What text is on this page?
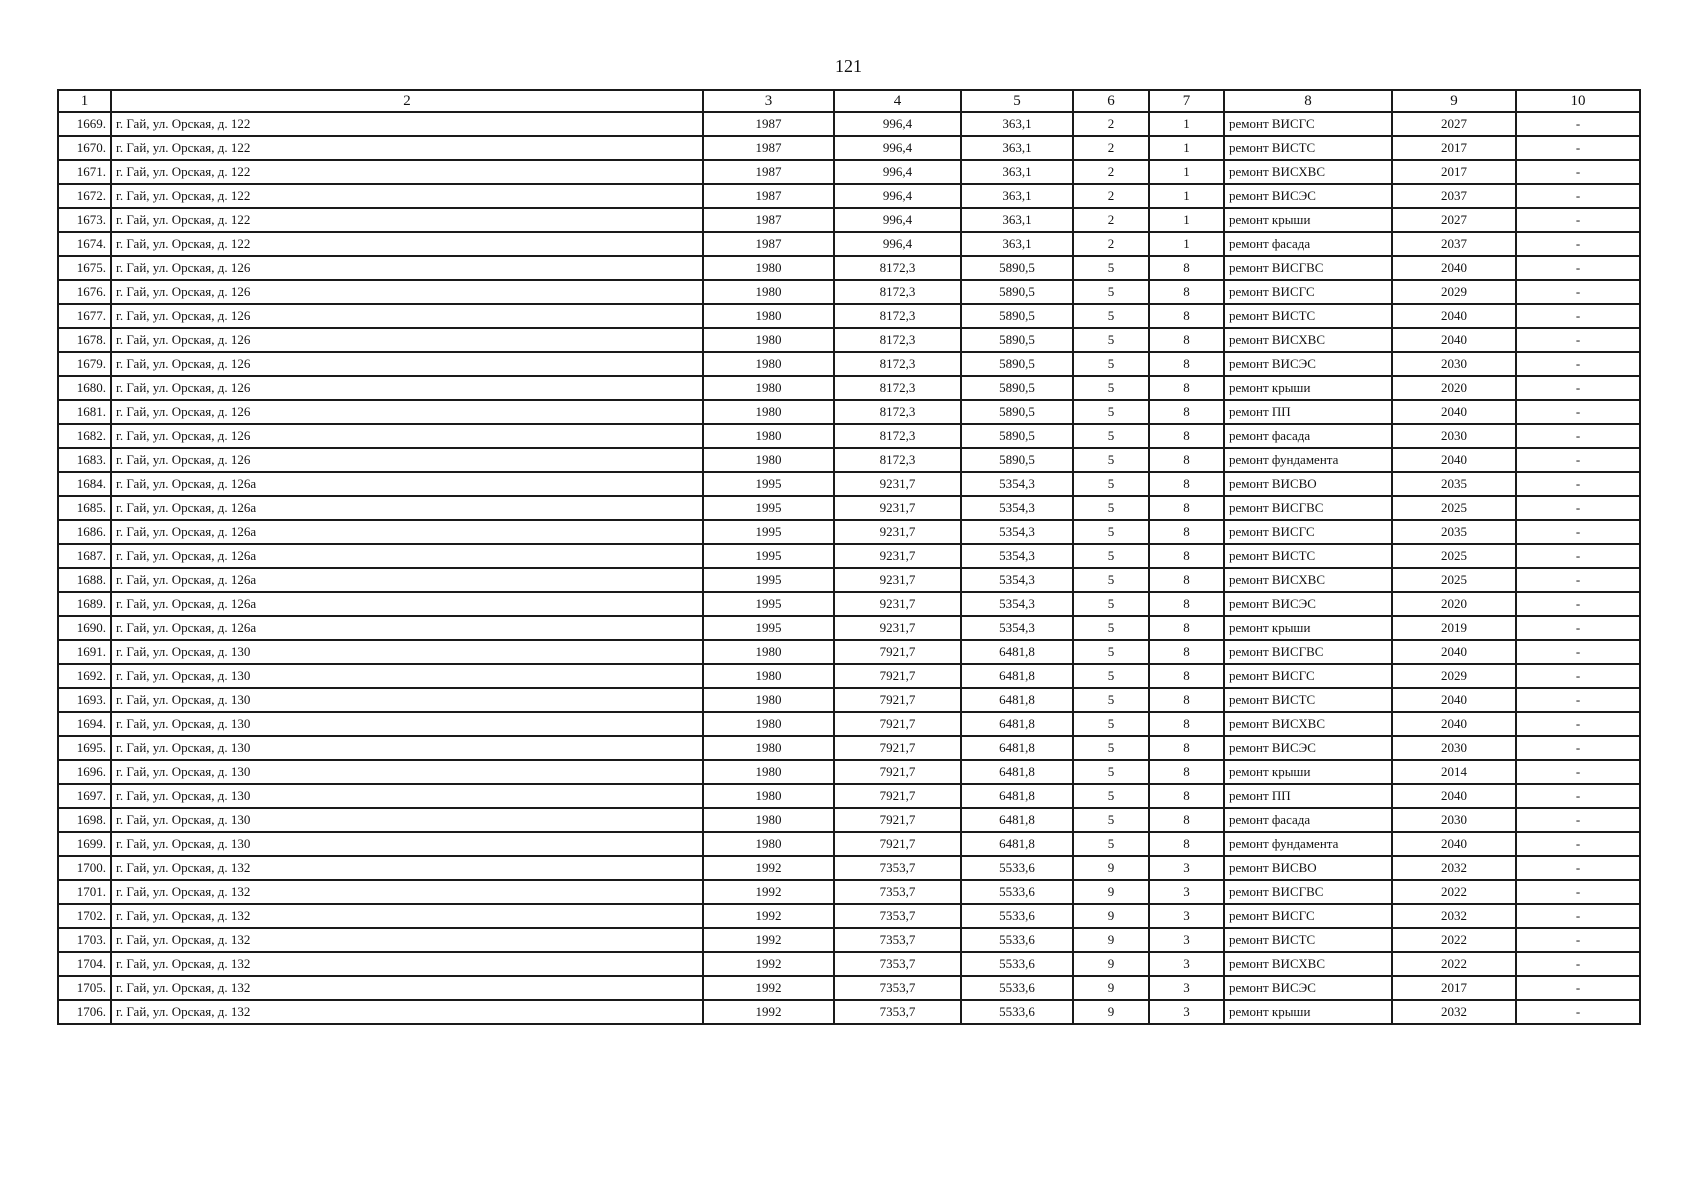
121
1	2	3	4	5	6	7	8	9	10
1669.	г. Гай, ул. Орская, д. 122	1987	996,4	363,1	2	1	ремонт ВИСГС	2027	-
1670.	г. Гай, ул. Орская, д. 122	1987	996,4	363,1	2	1	ремонт ВИСТС	2017	-
1671.	г. Гай, ул. Орская, д. 122	1987	996,4	363,1	2	1	ремонт ВИСХВС	2017	-
1672.	г. Гай, ул. Орская, д. 122	1987	996,4	363,1	2	1	ремонт ВИСЭС	2037	-
1673.	г. Гай, ул. Орская, д. 122	1987	996,4	363,1	2	1	ремонт крыши	2027	-
1674.	г. Гай, ул. Орская, д. 122	1987	996,4	363,1	2	1	ремонт фасада	2037	-
1675.	г. Гай, ул. Орская, д. 126	1980	8172,3	5890,5	5	8	ремонт ВИСГВС	2040	-
1676.	г. Гай, ул. Орская, д. 126	1980	8172,3	5890,5	5	8	ремонт ВИСГС	2029	-
1677.	г. Гай, ул. Орская, д. 126	1980	8172,3	5890,5	5	8	ремонт ВИСТС	2040	-
1678.	г. Гай, ул. Орская, д. 126	1980	8172,3	5890,5	5	8	ремонт ВИСХВС	2040	-
1679.	г. Гай, ул. Орская, д. 126	1980	8172,3	5890,5	5	8	ремонт ВИСЭС	2030	-
1680.	г. Гай, ул. Орская, д. 126	1980	8172,3	5890,5	5	8	ремонт крыши	2020	-
1681.	г. Гай, ул. Орская, д. 126	1980	8172,3	5890,5	5	8	ремонт ПП	2040	-
1682.	г. Гай, ул. Орская, д. 126	1980	8172,3	5890,5	5	8	ремонт фасада	2030	-
1683.	г. Гай, ул. Орская, д. 126	1980	8172,3	5890,5	5	8	ремонт фундамента	2040	-
1684.	г. Гай, ул. Орская, д. 126а	1995	9231,7	5354,3	5	8	ремонт ВИСВО	2035	-
1685.	г. Гай, ул. Орская, д. 126а	1995	9231,7	5354,3	5	8	ремонт ВИСГВС	2025	-
1686.	г. Гай, ул. Орская, д. 126а	1995	9231,7	5354,3	5	8	ремонт ВИСГС	2035	-
1687.	г. Гай, ул. Орская, д. 126а	1995	9231,7	5354,3	5	8	ремонт ВИСТС	2025	-
1688.	г. Гай, ул. Орская, д. 126а	1995	9231,7	5354,3	5	8	ремонт ВИСХВС	2025	-
1689.	г. Гай, ул. Орская, д. 126а	1995	9231,7	5354,3	5	8	ремонт ВИСЭС	2020	-
1690.	г. Гай, ул. Орская, д. 126а	1995	9231,7	5354,3	5	8	ремонт крыши	2019	-
1691.	г. Гай, ул. Орская, д. 130	1980	7921,7	6481,8	5	8	ремонт ВИСГВС	2040	-
1692.	г. Гай, ул. Орская, д. 130	1980	7921,7	6481,8	5	8	ремонт ВИСГС	2029	-
1693.	г. Гай, ул. Орская, д. 130	1980	7921,7	6481,8	5	8	ремонт ВИСТС	2040	-
1694.	г. Гай, ул. Орская, д. 130	1980	7921,7	6481,8	5	8	ремонт ВИСХВС	2040	-
1695.	г. Гай, ул. Орская, д. 130	1980	7921,7	6481,8	5	8	ремонт ВИСЭС	2030	-
1696.	г. Гай, ул. Орская, д. 130	1980	7921,7	6481,8	5	8	ремонт крыши	2014	-
1697.	г. Гай, ул. Орская, д. 130	1980	7921,7	6481,8	5	8	ремонт ПП	2040	-
1698.	г. Гай, ул. Орская, д. 130	1980	7921,7	6481,8	5	8	ремонт фасада	2030	-
1699.	г. Гай, ул. Орская, д. 130	1980	7921,7	6481,8	5	8	ремонт фундамента	2040	-
1700.	г. Гай, ул. Орская, д. 132	1992	7353,7	5533,6	9	3	ремонт ВИСВО	2032	-
1701.	г. Гай, ул. Орская, д. 132	1992	7353,7	5533,6	9	3	ремонт ВИСГВС	2022	-
1702.	г. Гай, ул. Орская, д. 132	1992	7353,7	5533,6	9	3	ремонт ВИСГС	2032	-
1703.	г. Гай, ул. Орская, д. 132	1992	7353,7	5533,6	9	3	ремонт ВИСТС	2022	-
1704.	г. Гай, ул. Орская, д. 132	1992	7353,7	5533,6	9	3	ремонт ВИСХВС	2022	-
1705.	г. Гай, ул. Орская, д. 132	1992	7353,7	5533,6	9	3	ремонт ВИСЭС	2017	-
1706.	г. Гай, ул. Орская, д. 132	1992	7353,7	5533,6	9	3	ремонт крыши	2032	-
